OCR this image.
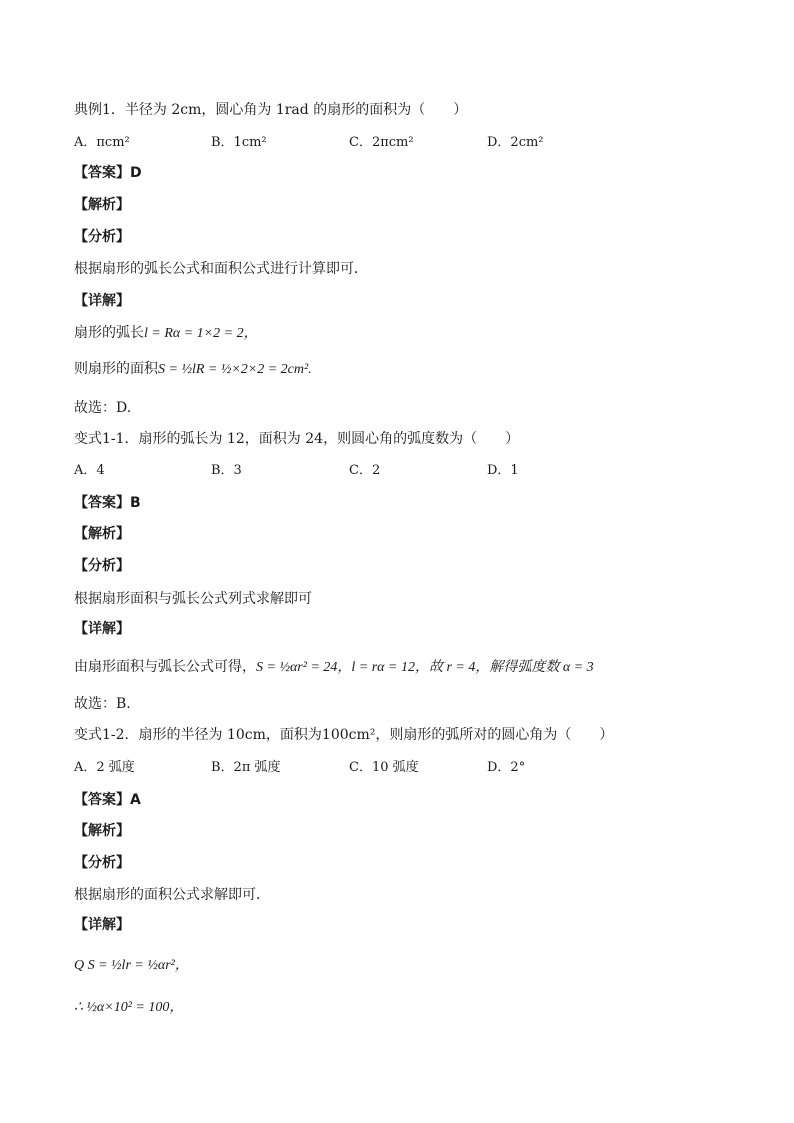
典例1．半径为 2cm，圆心角为 1rad 的扇形的面积为（　　）
A．πcm²	B．1cm²	C．2πcm²	D．2cm²
【答案】D
【解析】
【分析】
根据扇形的弧长公式和面积公式进行计算即可．
【详解】
扇形的弧长l = Rα = 1×2 = 2，
则扇形的面积S = ½lR = ½×2×2 = 2cm².
故选：D.
变式1-1．扇形的弧长为 12，面积为 24，则圆心角的弧度数为（　　）
A．4	B．3	C．2	D．1
【答案】B
【解析】
【分析】
根据扇形面积与弧长公式列式求解即可
【详解】
由扇形面积与弧长公式可得，S = ½αr² = 24，l = rα = 12，故 r = 4，解得弧度数 α = 3
故选：B.
变式1-2．扇形的半径为 10cm，面积为100cm²，则扇形的弧所对的圆心角为（　　）
A．2 弧度	B．2π 弧度	C．10 弧度	D．2°
【答案】A
【解析】
【分析】
根据扇形的面积公式求解即可．
【详解】
Q S = ½lr = ½αr²，
∴ ½α×10² = 100，
